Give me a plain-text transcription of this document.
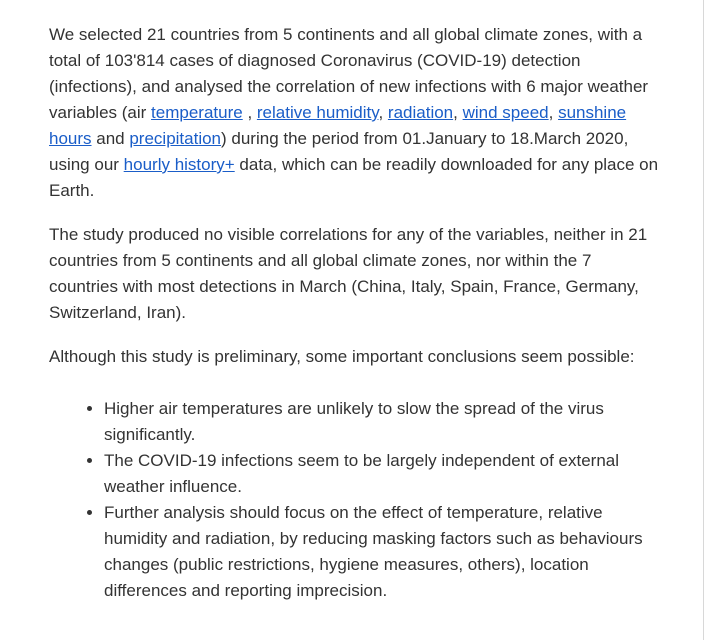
We selected 21 countries from 5 continents and all global climate zones, with a total of 103'814 cases of diagnosed Coronavirus (COVID-19) detection (infections), and analysed the correlation of new infections with 6 major weather variables (air temperature , relative humidity, radiation, wind speed, sunshine hours and precipitation) during the period from 01.January to 18.March 2020, using our hourly history+ data, which can be readily downloaded for any place on Earth.

The study produced no visible correlations for any of the variables, neither in 21 countries from 5 continents and all global climate zones, nor within the 7 countries with most detections in March (China, Italy, Spain, France, Germany, Switzerland, Iran).

Although this study is preliminary, some important conclusions seem possible:

• Higher air temperatures are unlikely to slow the spread of the virus significantly.
• The COVID-19 infections seem to be largely independent of external weather influence.
• Further analysis should focus on the effect of temperature, relative humidity and radiation, by reducing masking factors such as behaviours changes (public restrictions, hygiene measures, others), location differences and reporting imprecision.
